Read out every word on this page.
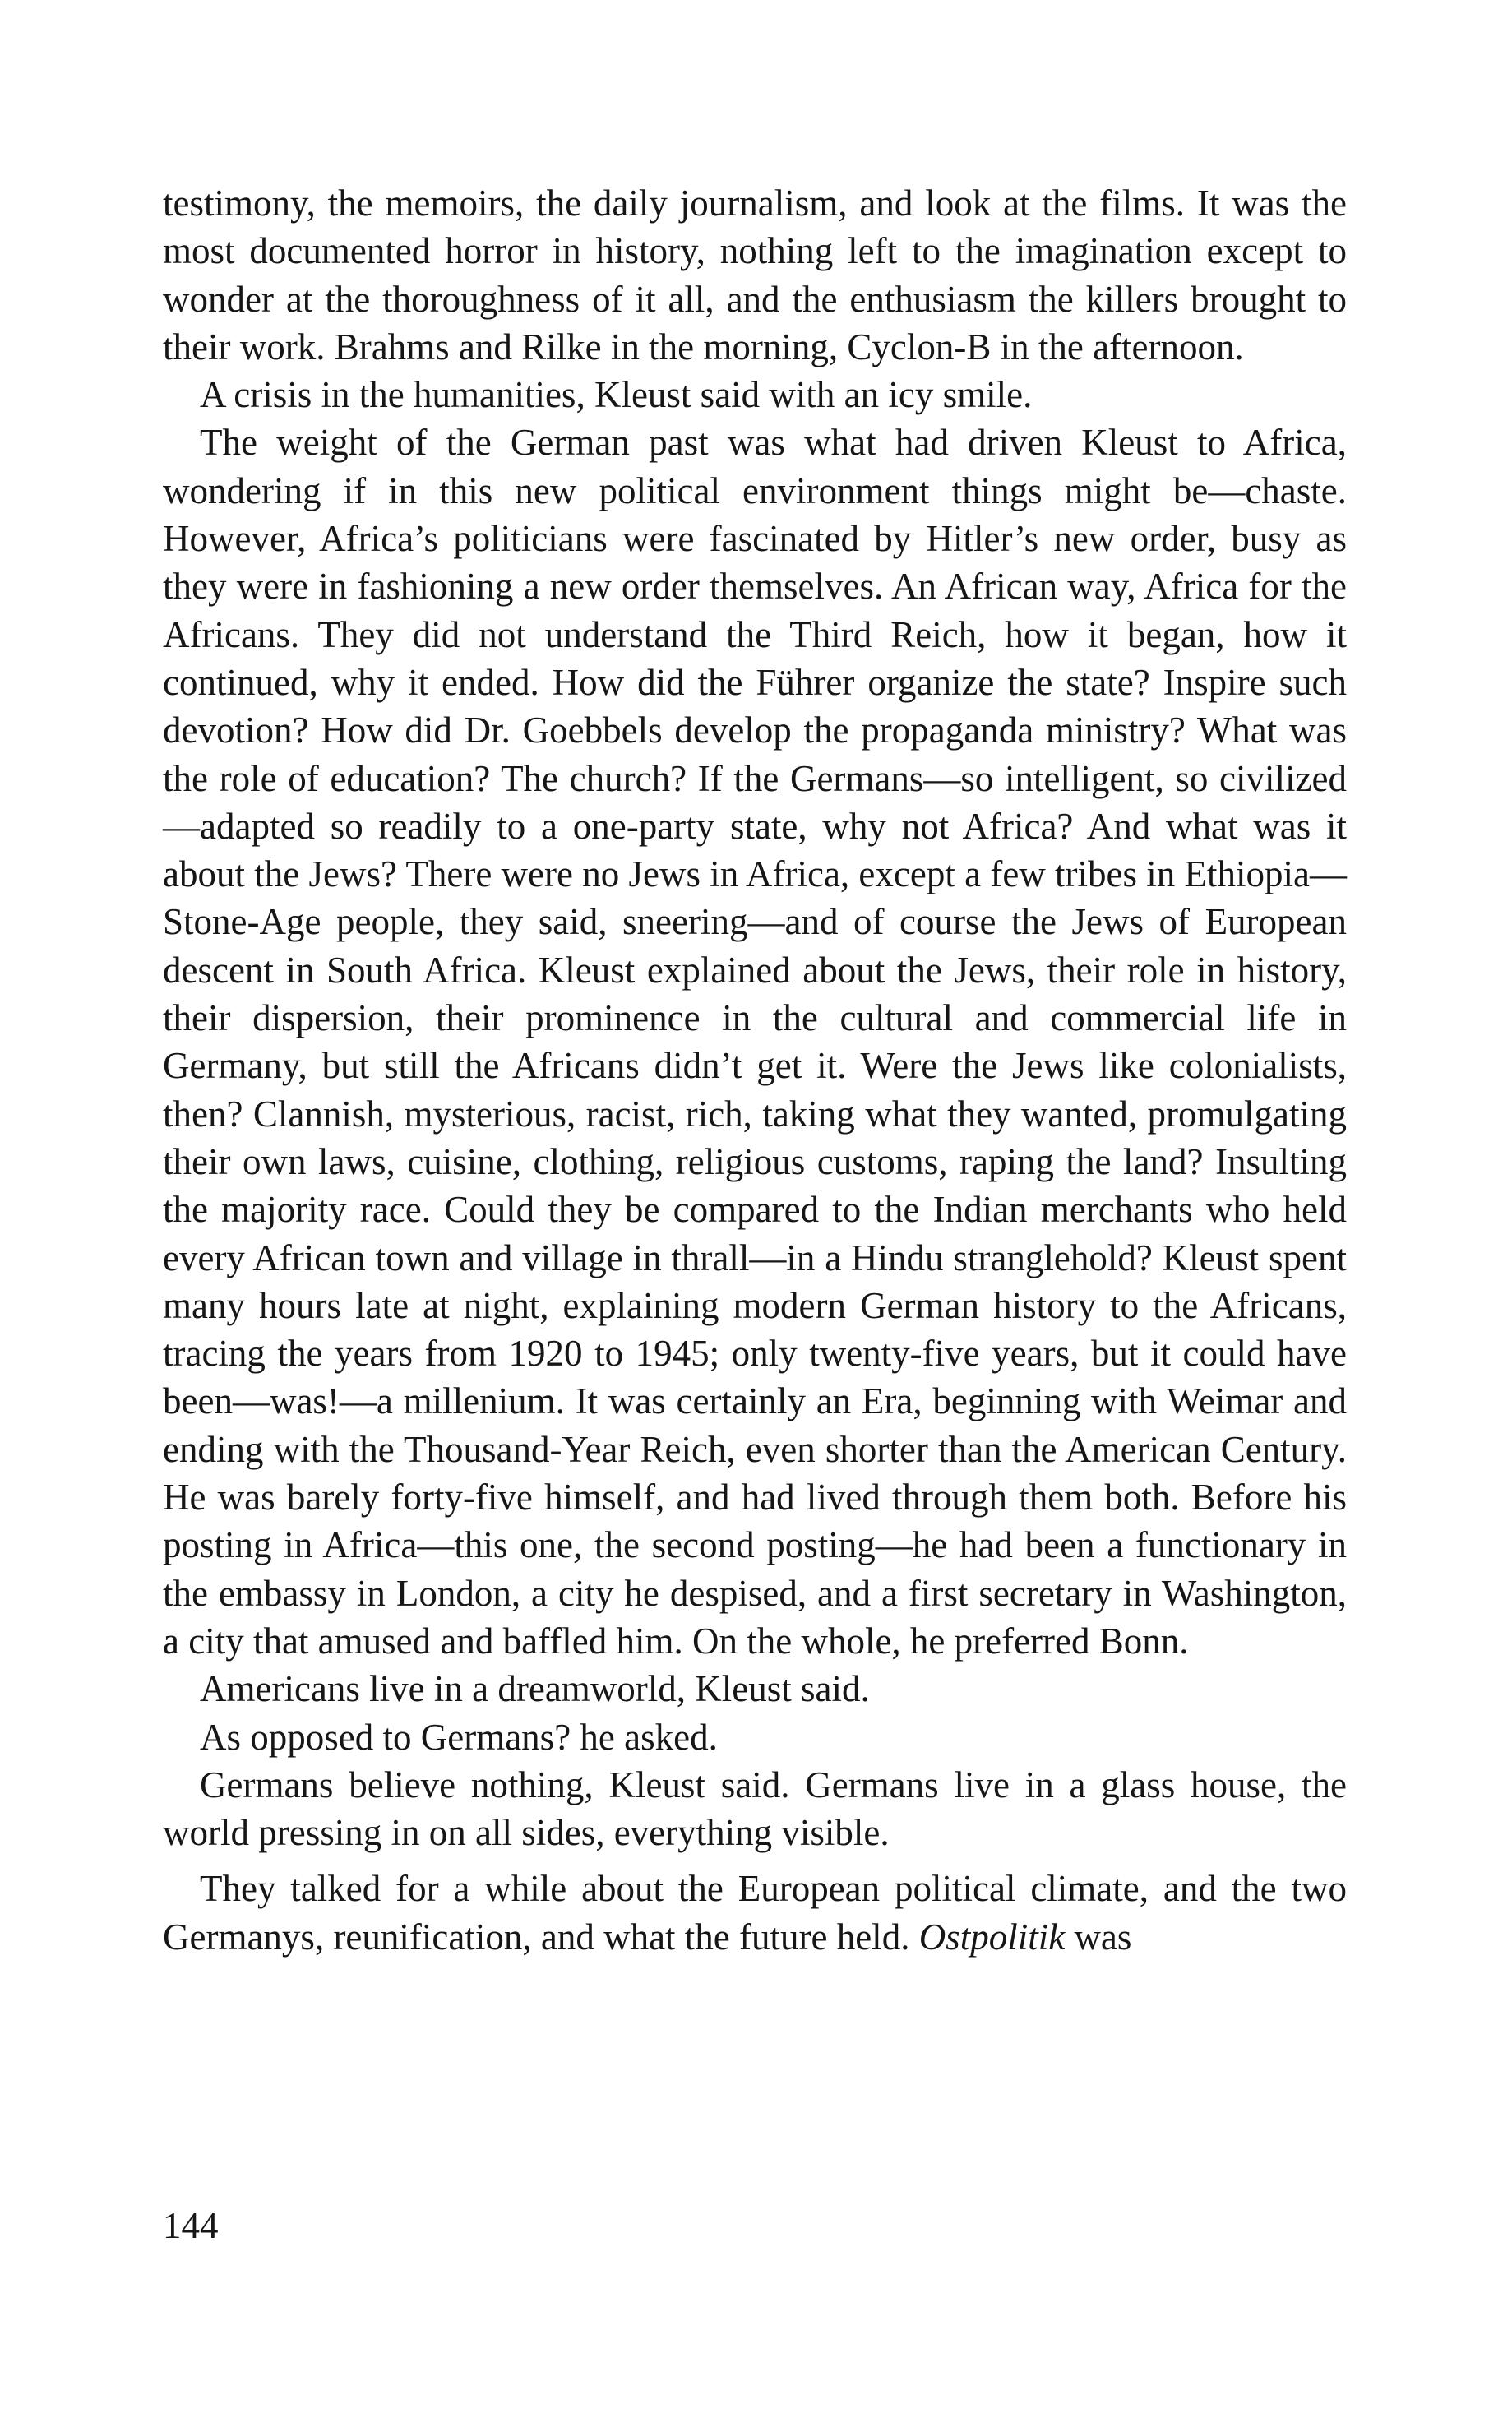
testimony, the memoirs, the daily journalism, and look at the films. It was the most documented horror in history, nothing left to the imagination except to wonder at the thoroughness of it all, and the enthusiasm the killers brought to their work. Brahms and Rilke in the morning, Cyclon-B in the afternoon.

A crisis in the humanities, Kleust said with an icy smile.

The weight of the German past was what had driven Kleust to Africa, wondering if in this new political environment things might be—chaste. However, Africa’s politicians were fascinated by Hitler’s new order, busy as they were in fashioning a new order themselves. An African way, Africa for the Africans. They did not understand the Third Reich, how it began, how it continued, why it ended. How did the Führer organize the state? Inspire such devotion? How did Dr. Goebbels develop the propaganda ministry? What was the role of education? The church? If the Germans—so intelligent, so civilized—adapted so readily to a one-party state, why not Africa? And what was it about the Jews? There were no Jews in Africa, except a few tribes in Ethiopia—Stone-Age people, they said, sneering—and of course the Jews of European descent in South Africa. Kleust explained about the Jews, their role in history, their dispersion, their prominence in the cultural and commercial life in Germany, but still the Africans didn’t get it. Were the Jews like colonialists, then? Clannish, mysterious, racist, rich, taking what they wanted, promulgating their own laws, cuisine, clothing, religious customs, raping the land? Insulting the majority race. Could they be compared to the Indian merchants who held every African town and village in thrall—in a Hindu stranglehold? Kleust spent many hours late at night, explaining modern German history to the Africans, tracing the years from 1920 to 1945; only twenty-five years, but it could have been—was!—a millenium. It was certainly an Era, beginning with Weimar and ending with the Thousand-Year Reich, even shorter than the American Century. He was barely forty-five himself, and had lived through them both. Before his posting in Africa—this one, the second posting—he had been a functionary in the embassy in London, a city he despised, and a first secretary in Washington, a city that amused and baffled him. On the whole, he preferred Bonn.

Americans live in a dreamworld, Kleust said.

As opposed to Germans? he asked.

Germans believe nothing, Kleust said. Germans live in a glass house, the world pressing in on all sides, everything visible.

They talked for a while about the European political climate, and the two Germanys, reunification, and what the future held. Ostpolitik was

144
